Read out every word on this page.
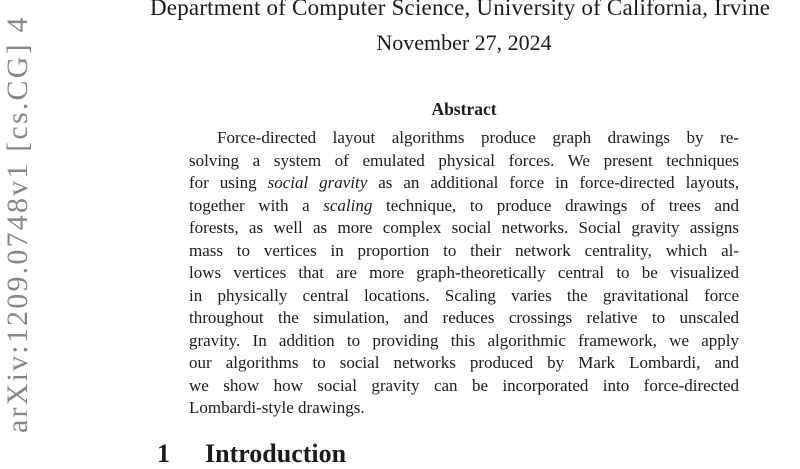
arXiv:1209.0748v1 [cs.CG] 4
Department of Computer Science, University of California, Irvine
November 27, 2024
Abstract
Force-directed layout algorithms produce graph drawings by re-
solving a system of emulated physical forces. We present techniques
for using social gravity as an additional force in force-directed layouts,
together with a scaling technique, to produce drawings of trees and
forests, as well as more complex social networks. Social gravity assigns
mass to vertices in proportion to their network centrality, which al-
lows vertices that are more graph-theoretically central to be visualized
in physically central locations. Scaling varies the gravitational force
throughout the simulation, and reduces crossings relative to unscaled
gravity. In addition to providing this algorithmic framework, we apply
our algorithms to social networks produced by Mark Lombardi, and
we show how social gravity can be incorporated into force-directed
Lombardi-style drawings.
1 Introduction
